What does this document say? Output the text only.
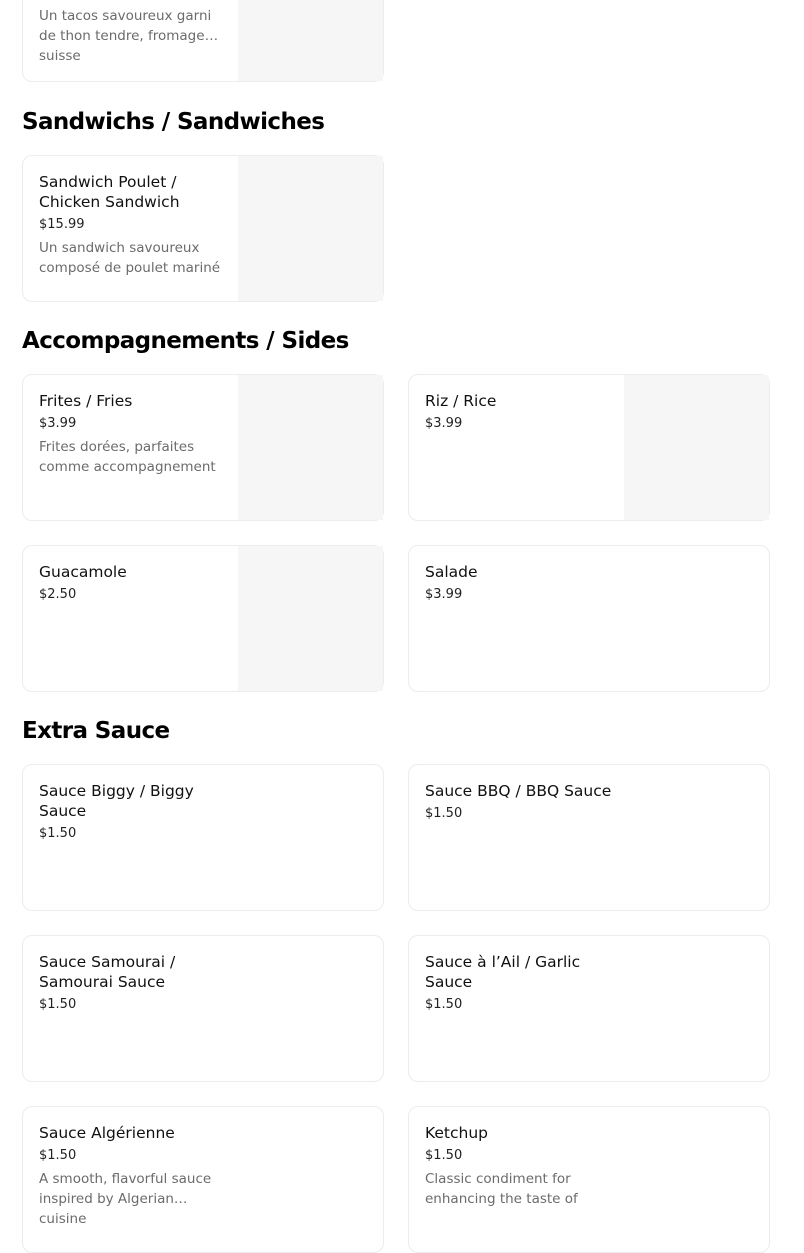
Un tacos savoureux garni de thon tendre, fromage suisse
Sandwichs / Sandwiches
Sandwich Poulet / Chicken Sandwich
$15.99
Un sandwich savoureux composé de poulet mariné
Accompagnements / Sides
Frites / Fries
$3.99
Frites dorées, parfaites comme accompagnement
Riz / Rice
$3.99
Guacamole
$2.50
Salade
$3.99
Extra Sauce
Sauce Biggy / Biggy Sauce
$1.50
Sauce BBQ / BBQ Sauce
$1.50
Sauce Samourai / Samourai Sauce
$1.50
Sauce à l’Ail / Garlic Sauce
$1.50
Sauce Algérienne
$1.50
A smooth, flavorful sauce inspired by Algerian cuisine
Ketchup
$1.50
Classic condiment for enhancing the taste of
